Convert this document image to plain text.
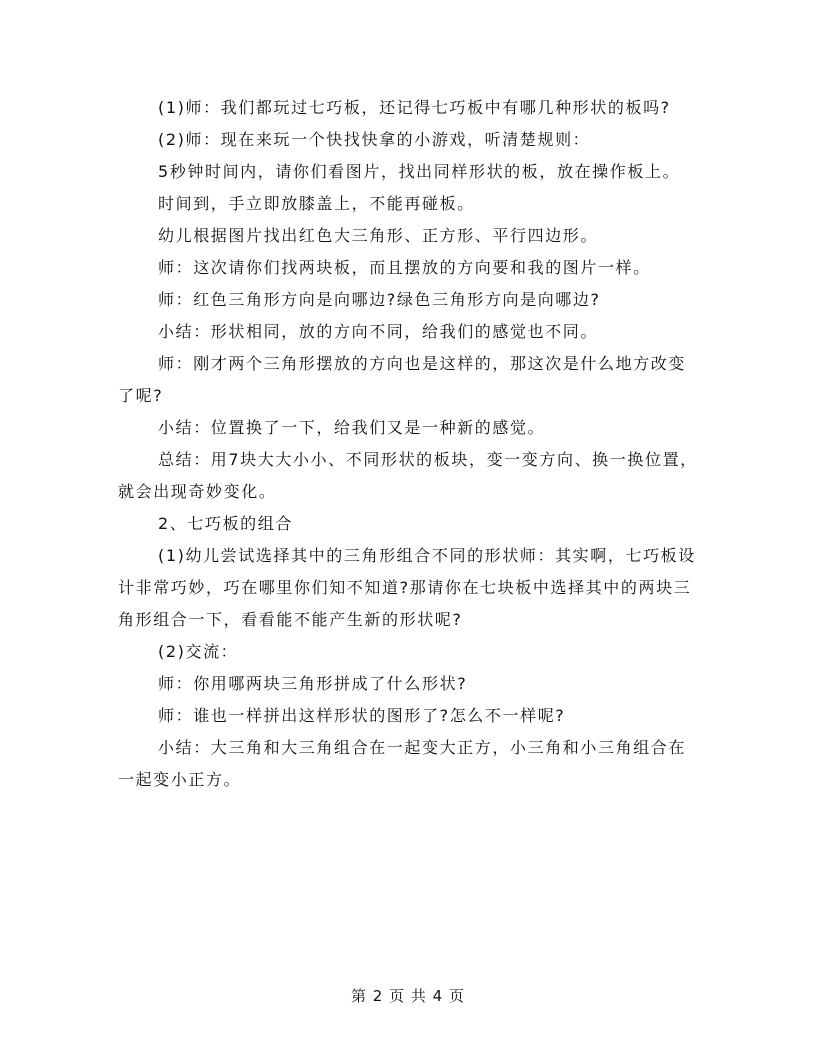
(1)师：我们都玩过七巧板，还记得七巧板中有哪几种形状的板吗?

(2)师：现在来玩一个快找快拿的小游戏，听清楚规则：

5秒钟时间内，请你们看图片，找出同样形状的板，放在操作板上。

时间到，手立即放膝盖上，不能再碰板。

幼儿根据图片找出红色大三角形、正方形、平行四边形。

师：这次请你们找两块板，而且摆放的方向要和我的图片一样。

师：红色三角形方向是向哪边?绿色三角形方向是向哪边?

小结：形状相同，放的方向不同，给我们的感觉也不同。

师：刚才两个三角形摆放的方向也是这样的，那这次是什么地方改变了呢?

小结：位置换了一下，给我们又是一种新的感觉。

总结：用7块大大小小、不同形状的板块，变一变方向、换一换位置，就会出现奇妙变化。

2、七巧板的组合

(1)幼儿尝试选择其中的三角形组合不同的形状师：其实啊，七巧板设计非常巧妙，巧在哪里你们知不知道?那请你在七块板中选择其中的两块三角形组合一下，看看能不能产生新的形状呢?

(2)交流：

师：你用哪两块三角形拼成了什么形状?

师：谁也一样拼出这样形状的图形了?怎么不一样呢?

小结：大三角和大三角组合在一起变大正方，小三角和小三角组合在一起变小正方。

第 2 页 共 4 页
